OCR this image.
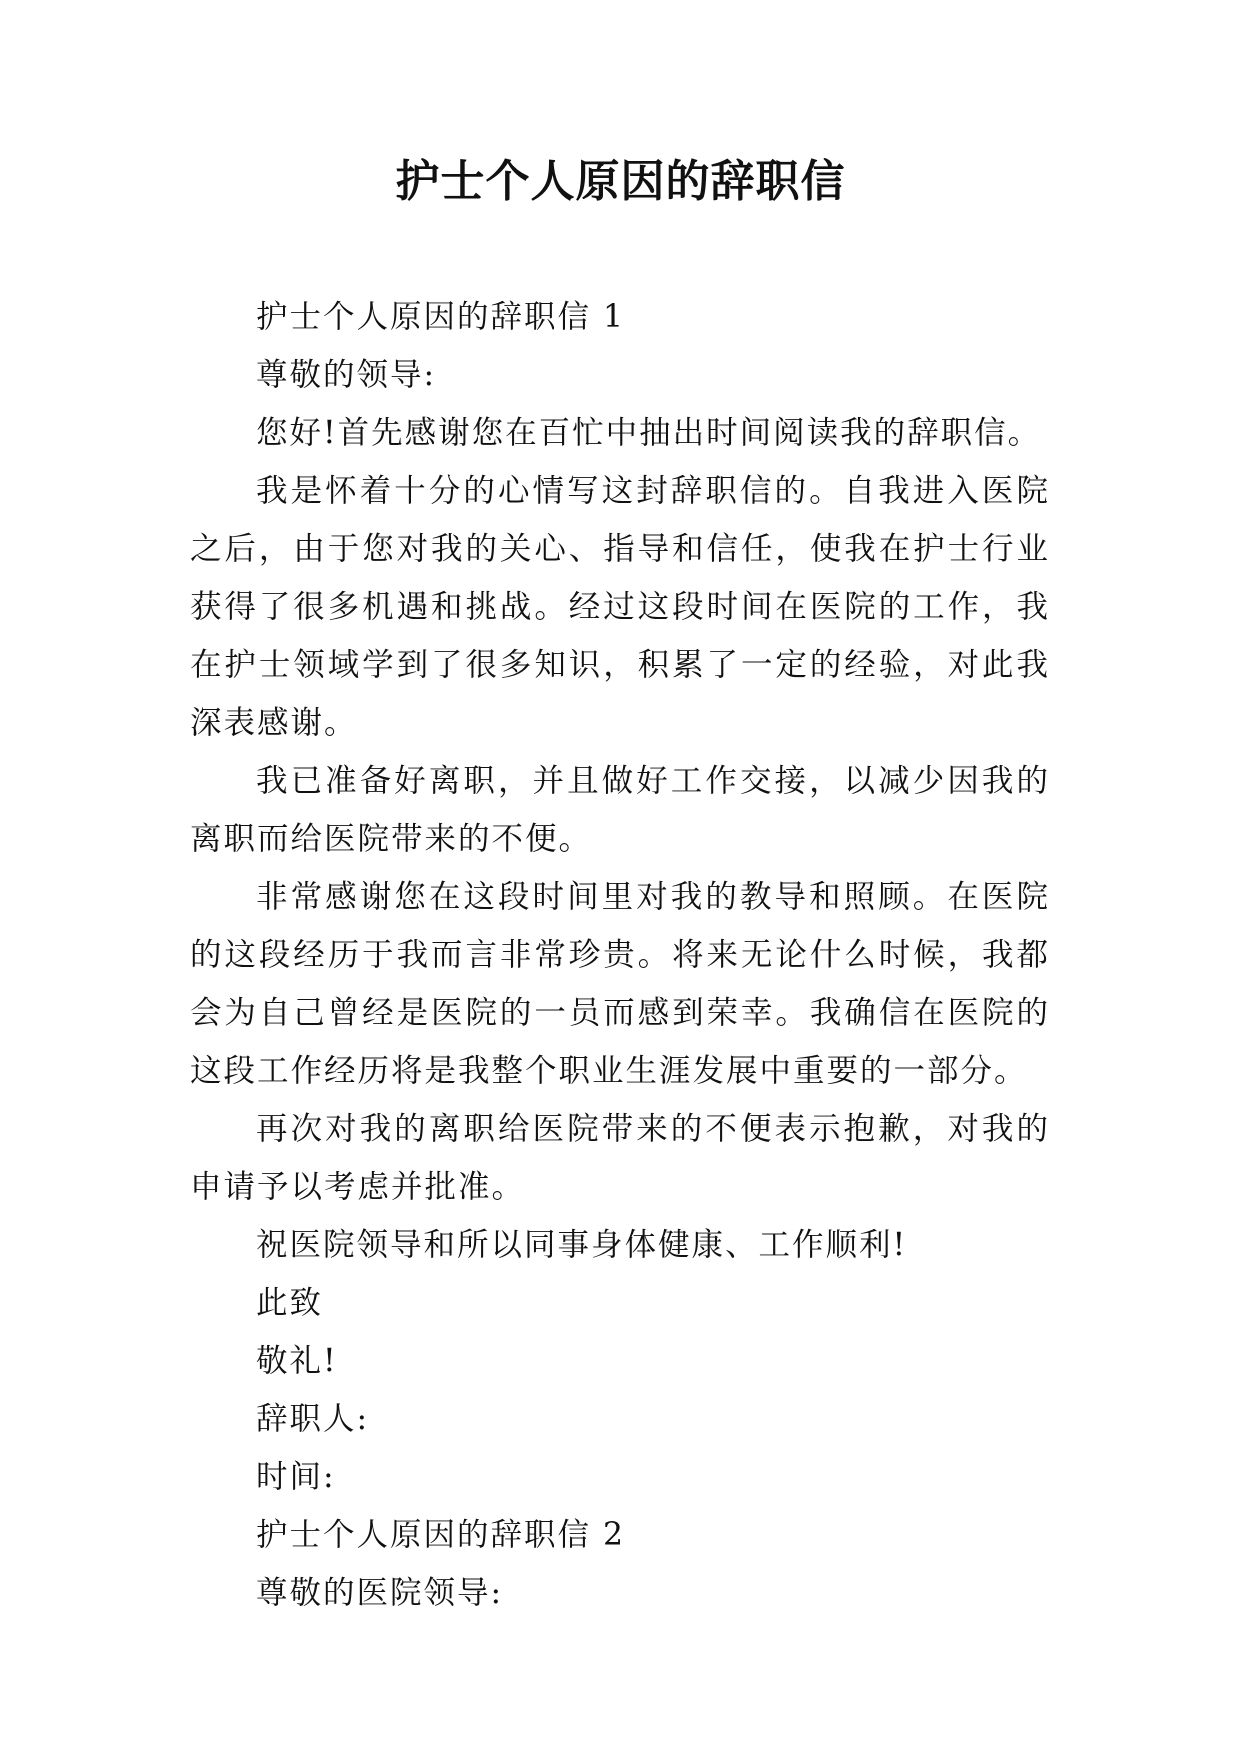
护士个人原因的辞职信

护士个人原因的辞职信 1

尊敬的领导:

您好!首先感谢您在百忙中抽出时间阅读我的辞职信。

我是怀着十分的心情写这封辞职信的。自我进入医院之后，由于您对我的关心、指导和信任，使我在护士行业获得了很多机遇和挑战。经过这段时间在医院的工作，我在护士领域学到了很多知识，积累了一定的经验，对此我深表感谢。

我已准备好离职，并且做好工作交接，以减少因我的离职而给医院带来的不便。

非常感谢您在这段时间里对我的教导和照顾。在医院的这段经历于我而言非常珍贵。将来无论什么时候，我都会为自己曾经是医院的一员而感到荣幸。我确信在医院的这段工作经历将是我整个职业生涯发展中重要的一部分。

再次对我的离职给医院带来的不便表示抱歉，对我的申请予以考虑并批准。

祝医院领导和所以同事身体健康、工作顺利!

此致

敬礼!

辞职人:

时间:

护士个人原因的辞职信 2

尊敬的医院领导:
